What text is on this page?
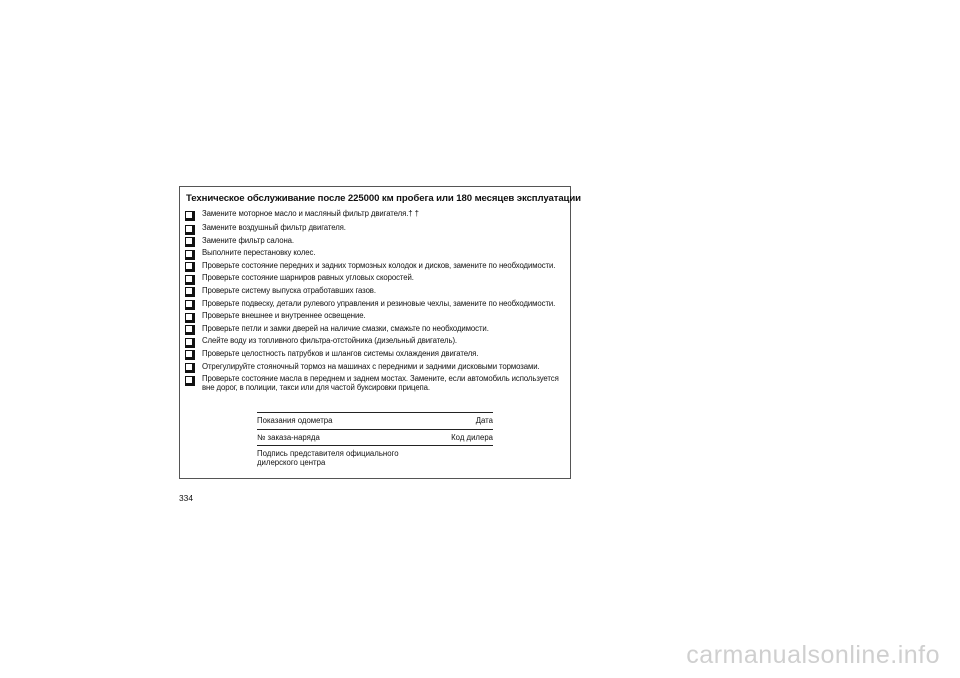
Техническое обслуживание после 225000 км пробега или 180 месяцев эксплуатации
Замените моторное масло и масляный фильтр двигателя.† †
Замените воздушный фильтр двигателя.
Замените фильтр салона.
Выполните перестановку колес.
Проверьте состояние передних и задних тормозных колодок и дисков, замените по необходимости.
Проверьте состояние шарниров равных угловых скоростей.
Проверьте систему выпуска отработавших газов.
Проверьте подвеску, детали рулевого управления и резиновые чехлы, замените по необходимости.
Проверьте внешнее и внутреннее освещение.
Проверьте петли и замки дверей на наличие смазки, смажьте по необходимости.
Слейте воду из топливного фильтра-отстойника (дизельный двигатель).
Проверьте целостность патрубков и шлангов системы охлаждения двигателя.
Отрегулируйте стояночный тормоз на машинах с передними и задними дисковыми тормозами.
Проверьте состояние масла в переднем и заднем мостах. Замените, если автомобиль используется вне дорог, в полиции, такси или для частой буксировки прицепа.
Показания одометра	Дата
№ заказа-наряда	Код дилера
Подпись представителя официального
дилерского центра
334
carmanualsonline.info
